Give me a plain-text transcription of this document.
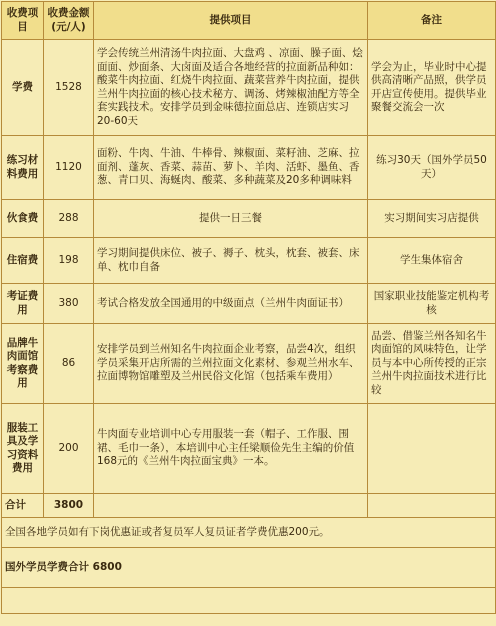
收费项目	收费金额(元/人)	提供项目	备注
学费	1528	学会传统兰州清汤牛肉拉面、大盘鸡 、凉面、臊子面、烩面面、炒面条、大卤面及适合各地经营的拉面新品种如：酸菜牛肉拉面、红烧牛肉拉面、蔬菜营养牛肉拉面，提供兰州牛肉拉面的核心技术秘方、调汤、烤辣椒油配方等全套实践技术。安排学员到金味德拉面总店、连锁店实习20-60天	学会为止，毕业时中心提供高清晰产品照，供学员开店宣传使用。提供毕业聚餐交流会一次
练习材料费用	1120	面粉、牛肉、牛油、牛棒骨、辣椒面、菜籽油、芝麻、拉面剂、蓬灰、香菜、蒜苗、萝卜、羊肉、活虾、墨鱼、香葱、青口贝、海蜒肉、酸菜、多种蔬菜及20多种调味料	练习30天（国外学员50天）
伙食费	288	提供一日三餐	实习期间实习店提供
住宿费	198	学习期间提供床位、被子、褥子、枕头，枕套、被套、床单、枕巾自备	学生集体宿舍
考证费用	380	考试合格发放全国通用的中级面点（兰州牛肉面证书）	国家职业技能鉴定机构考核
品牌牛肉面馆考察费用	86	安排学员到兰州知名牛肉拉面企业考察，品尝4次，组织学员采集开店所需的兰州拉面文化素材、参观兰州水车、拉面博物馆雕塑及兰州民俗文化馆（包括乘车费用）	品尝、借鉴兰州各知名牛肉面馆的风味特色，让学员与本中心所传授的正宗兰州牛肉拉面技术进行比较
服装工具及学习资料费用	200	牛肉面专业培训中心专用服装一套（帽子、工作服、围裙、毛巾一条），本培训中心主任梁顺俭先生主编的价值168元的《兰州牛肉拉面宝典》一本。	
合计	3800		
全国各地学员如有下岗优惠证或者复员军人复员证者学费优惠200元。			
国外学员学费合计 6800			
